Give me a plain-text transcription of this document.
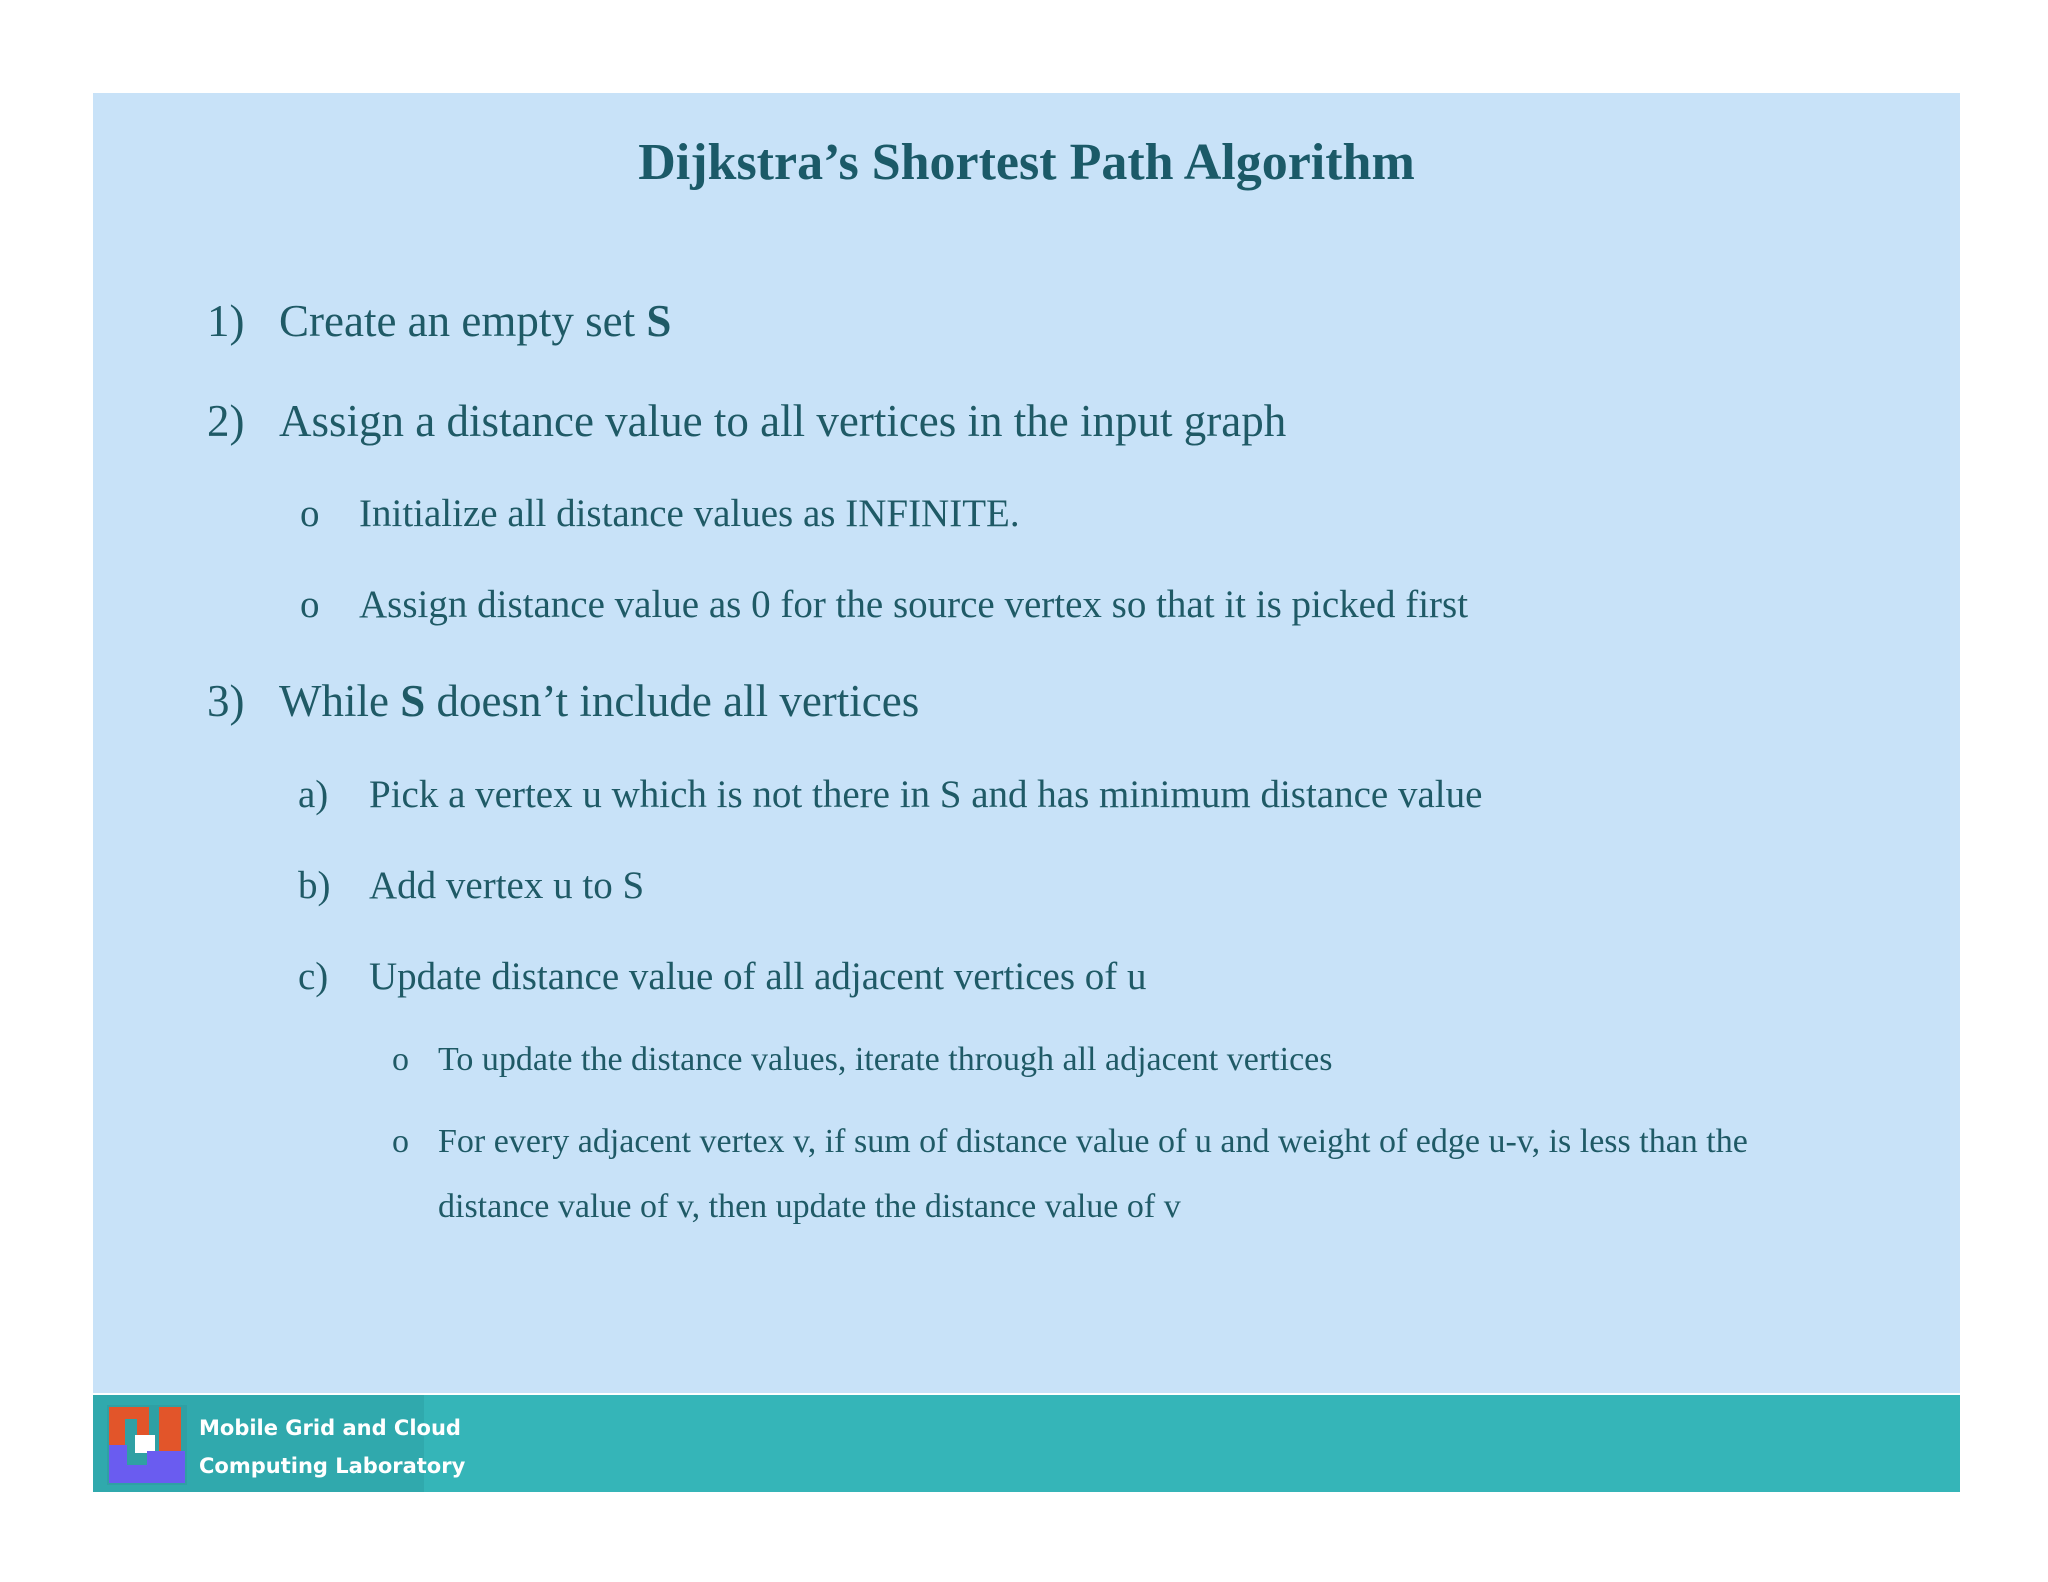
Dijkstra’s Shortest Path Algorithm
1) Create an empty set S
2) Assign a distance value to all vertices in the input graph
o Initialize all distance values as INFINITE.
o Assign distance value as 0 for the source vertex so that it is picked first
3) While S doesn’t include all vertices
a) Pick a vertex u which is not there in S and has minimum distance value
b) Add vertex u to S
c) Update distance value of all adjacent vertices of u
o To update the distance values, iterate through all adjacent vertices
o For every adjacent vertex v, if sum of distance value of u and weight of edge u-v, is less than the
distance value of v, then update the distance value of v
Mobile Grid and Cloud
Computing Laboratory
